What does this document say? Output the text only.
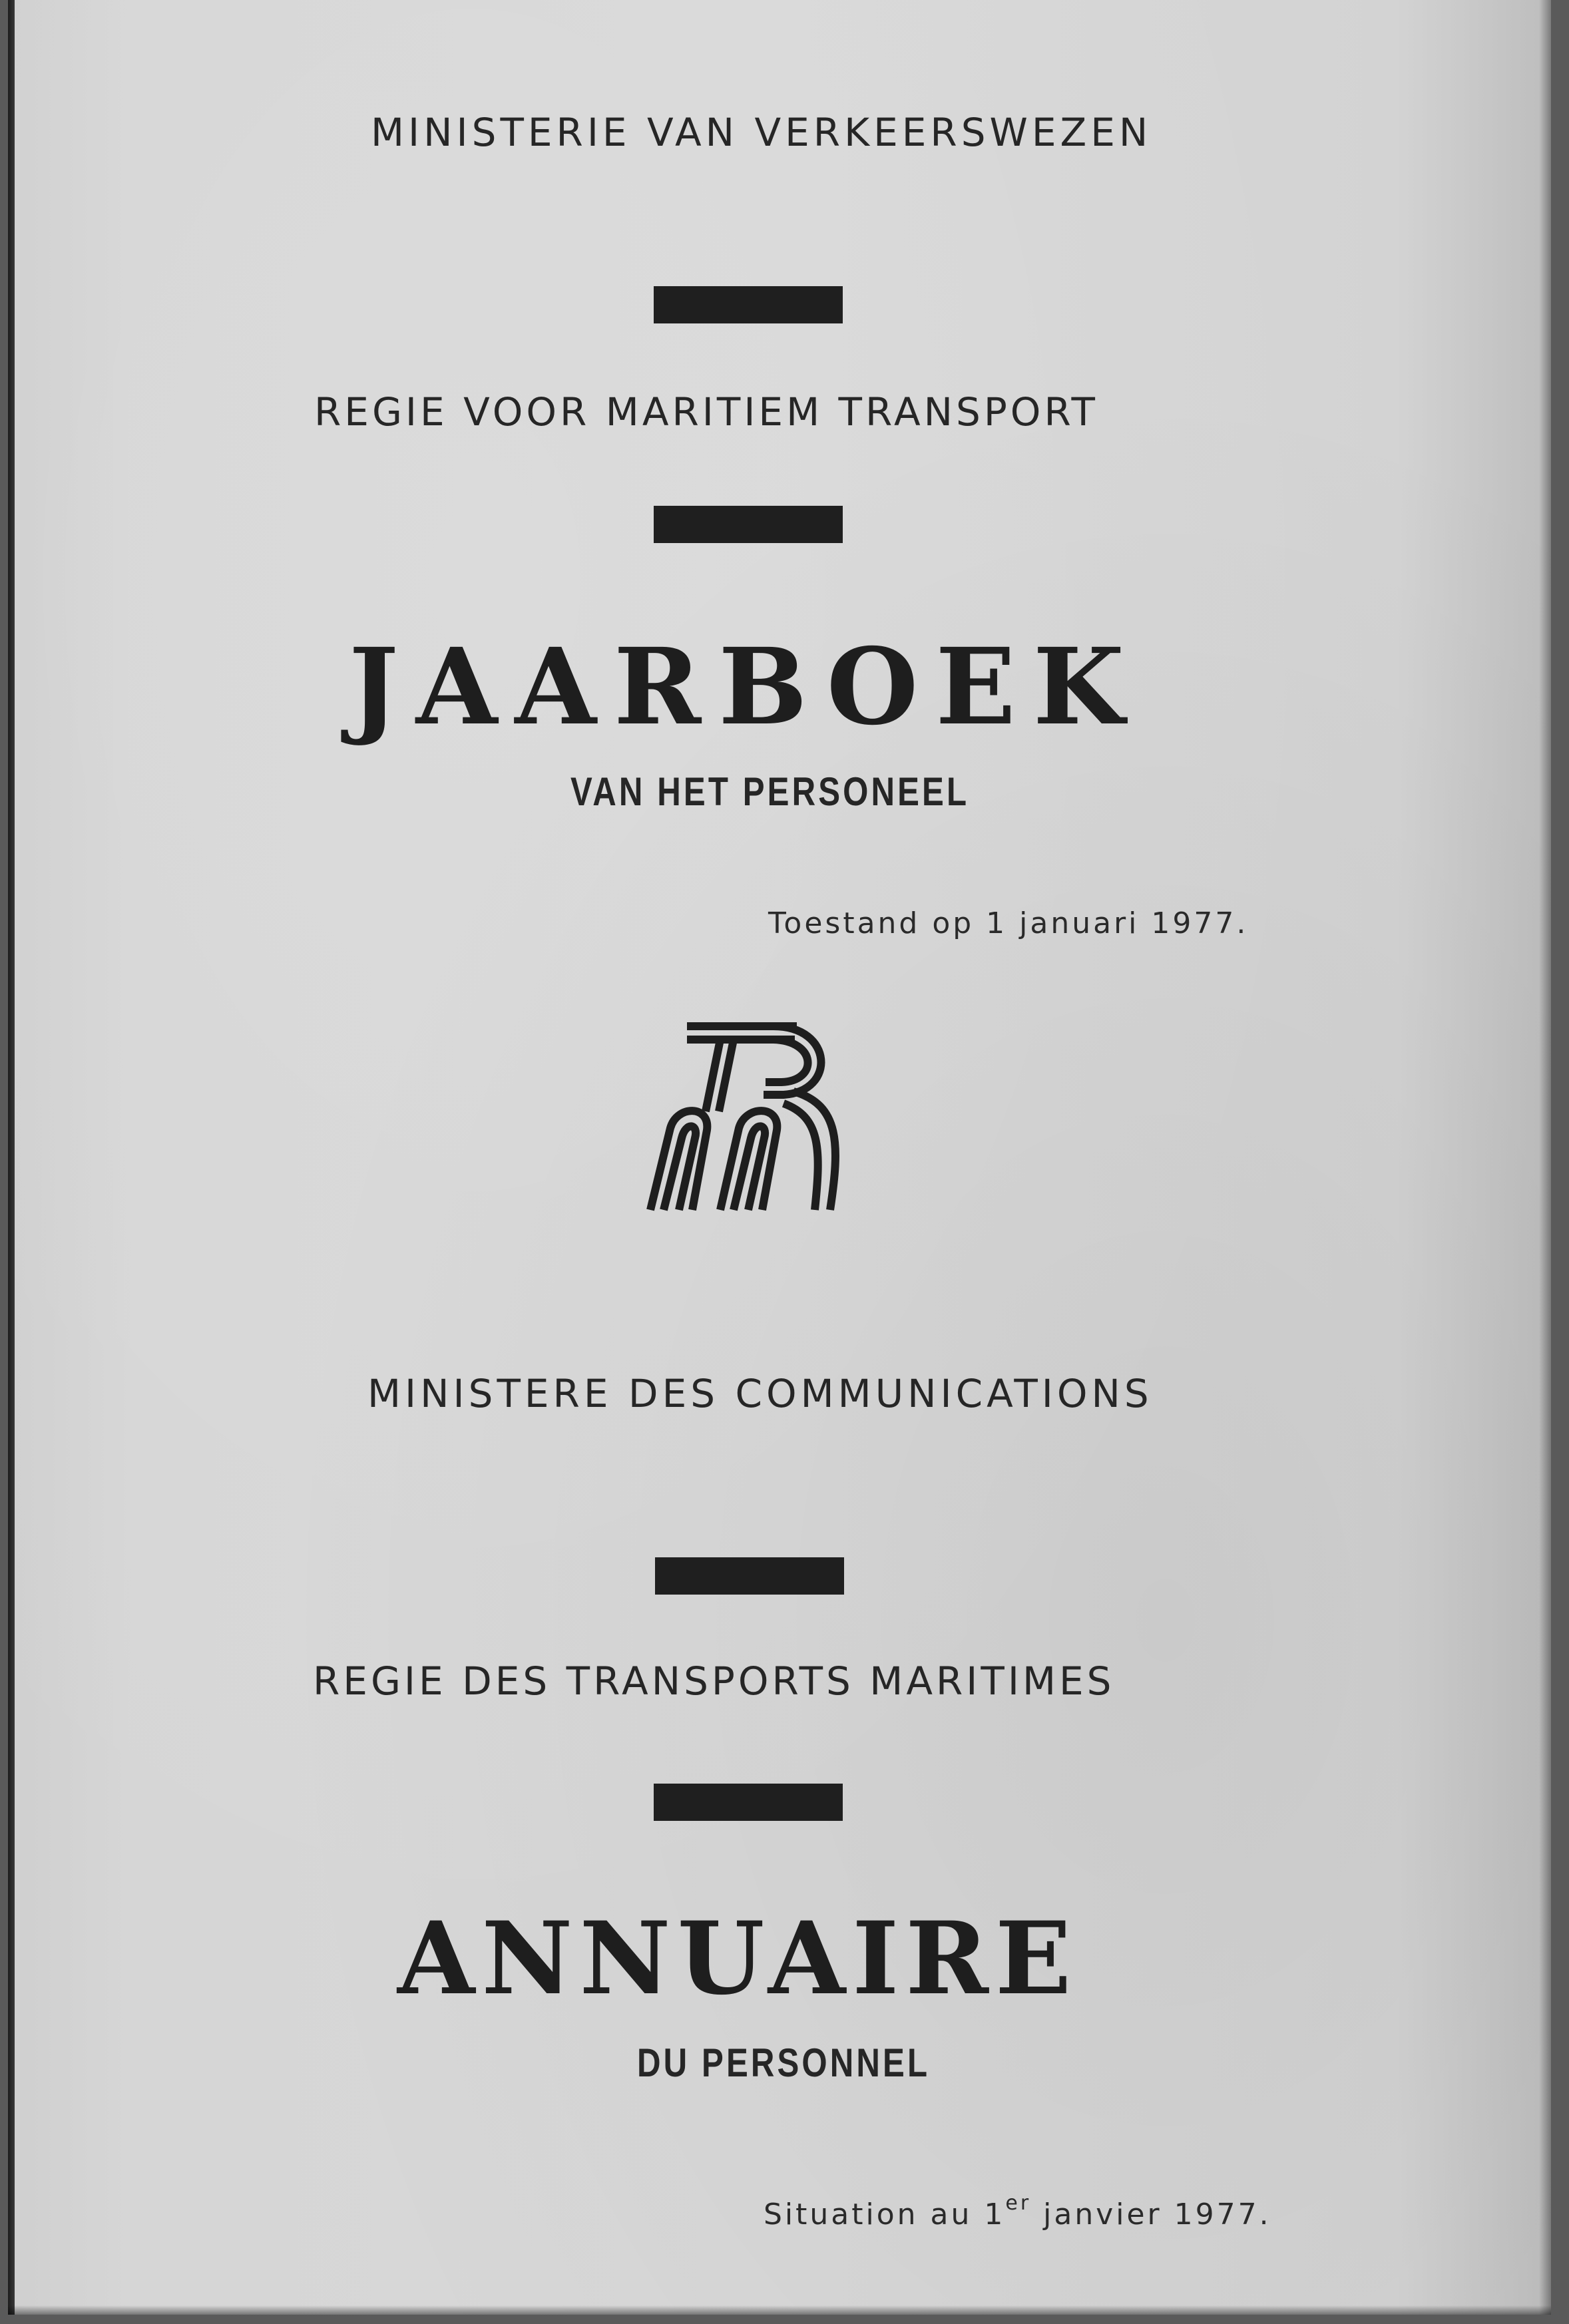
MINISTERIE VAN VERKEERSWEZEN
REGIE VOOR MARITIEM TRANSPORT
JAARBOEK
VAN HET PERSONEEL
Toestand op 1 januari 1977.
MINISTERE DES COMMUNICATIONS
REGIE DES TRANSPORTS MARITIMES
ANNUAIRE
DU PERSONNEL
Situation au 1er janvier 1977.
